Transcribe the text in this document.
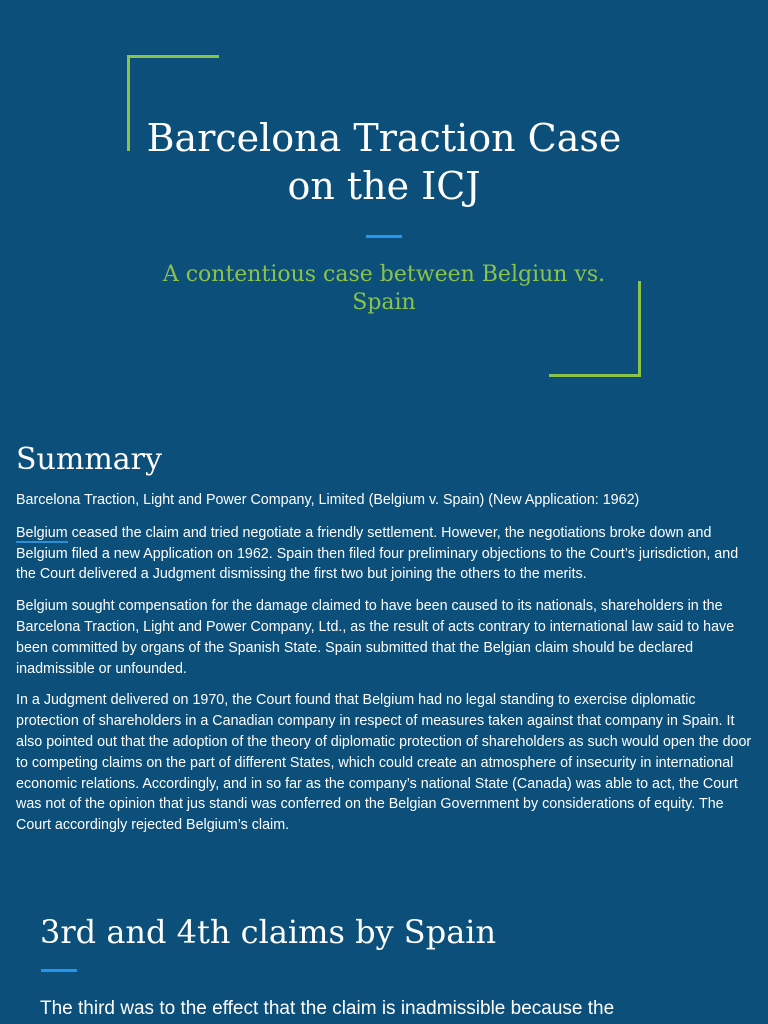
Barcelona Traction Case on the ICJ

A contentious case between Belgiun vs. Spain

Summary

Barcelona Traction, Light and Power Company, Limited (Belgium v. Spain) (New Application: 1962)

Belgium ceased the claim and tried negotiate a friendly settlement. However, the negotiations broke down and Belgium filed a new Application on 1962. Spain then filed four preliminary objections to the Court’s jurisdiction, and the Court delivered a Judgment dismissing the first two but joining the others to the merits.

Belgium sought compensation for the damage claimed to have been caused to its nationals, shareholders in the Barcelona Traction, Light and Power Company, Ltd., as the result of acts contrary to international law said to have been committed by organs of the Spanish State. Spain submitted that the Belgian claim should be declared inadmissible or unfounded.

In a Judgment delivered on 1970, the Court found that Belgium had no legal standing to exercise diplomatic protection of shareholders in a Canadian company in respect of measures taken against that company in Spain. It also pointed out that the adoption of the theory of diplomatic protection of shareholders as such would open the door to competing claims on the part of different States, which could create an atmosphere of insecurity in international economic relations. Accordingly, and in so far as the company’s national State (Canada) was able to act, the Court was not of the opinion that jus standi was conferred on the Belgian Government by considerations of equity. The Court accordingly rejected Belgium’s claim.

3rd and 4th claims by Spain

The third was to the effect that the claim is inadmissible because the
